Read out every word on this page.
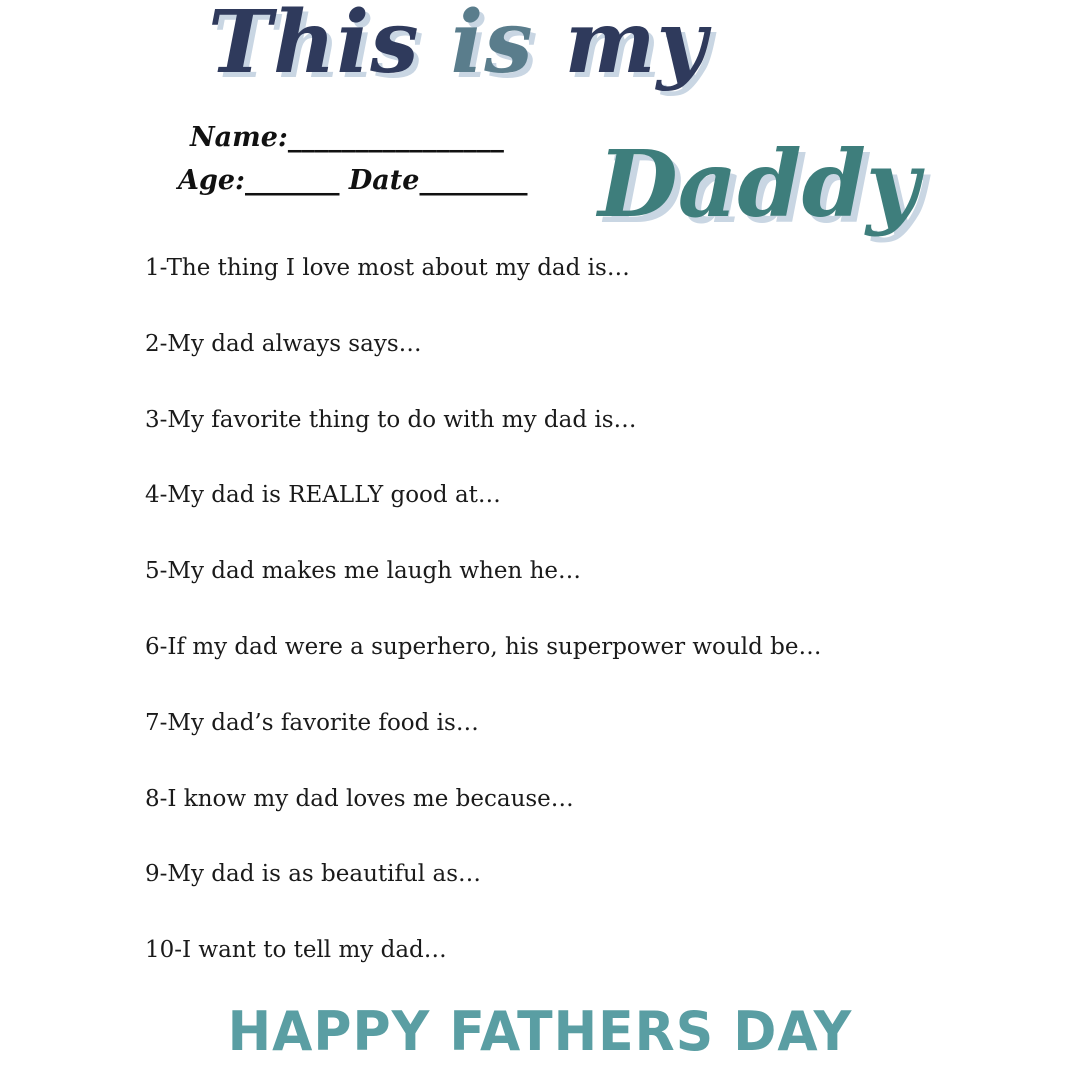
This is my
Daddy
Name:________________
Age:_______ Date________
1-The thing I love most about my dad is…
2-My dad always says…
3-My favorite thing to do with my dad is…
4-My dad is REALLY good at…
5-My dad makes me laugh when he…
6-If my dad were a superhero, his superpower would be…
7-My dad’s favorite food is…
8-I know my dad loves me because…
9-My dad is as beautiful as…
10-I want to tell my dad…
HAPPY FATHERS DAY
